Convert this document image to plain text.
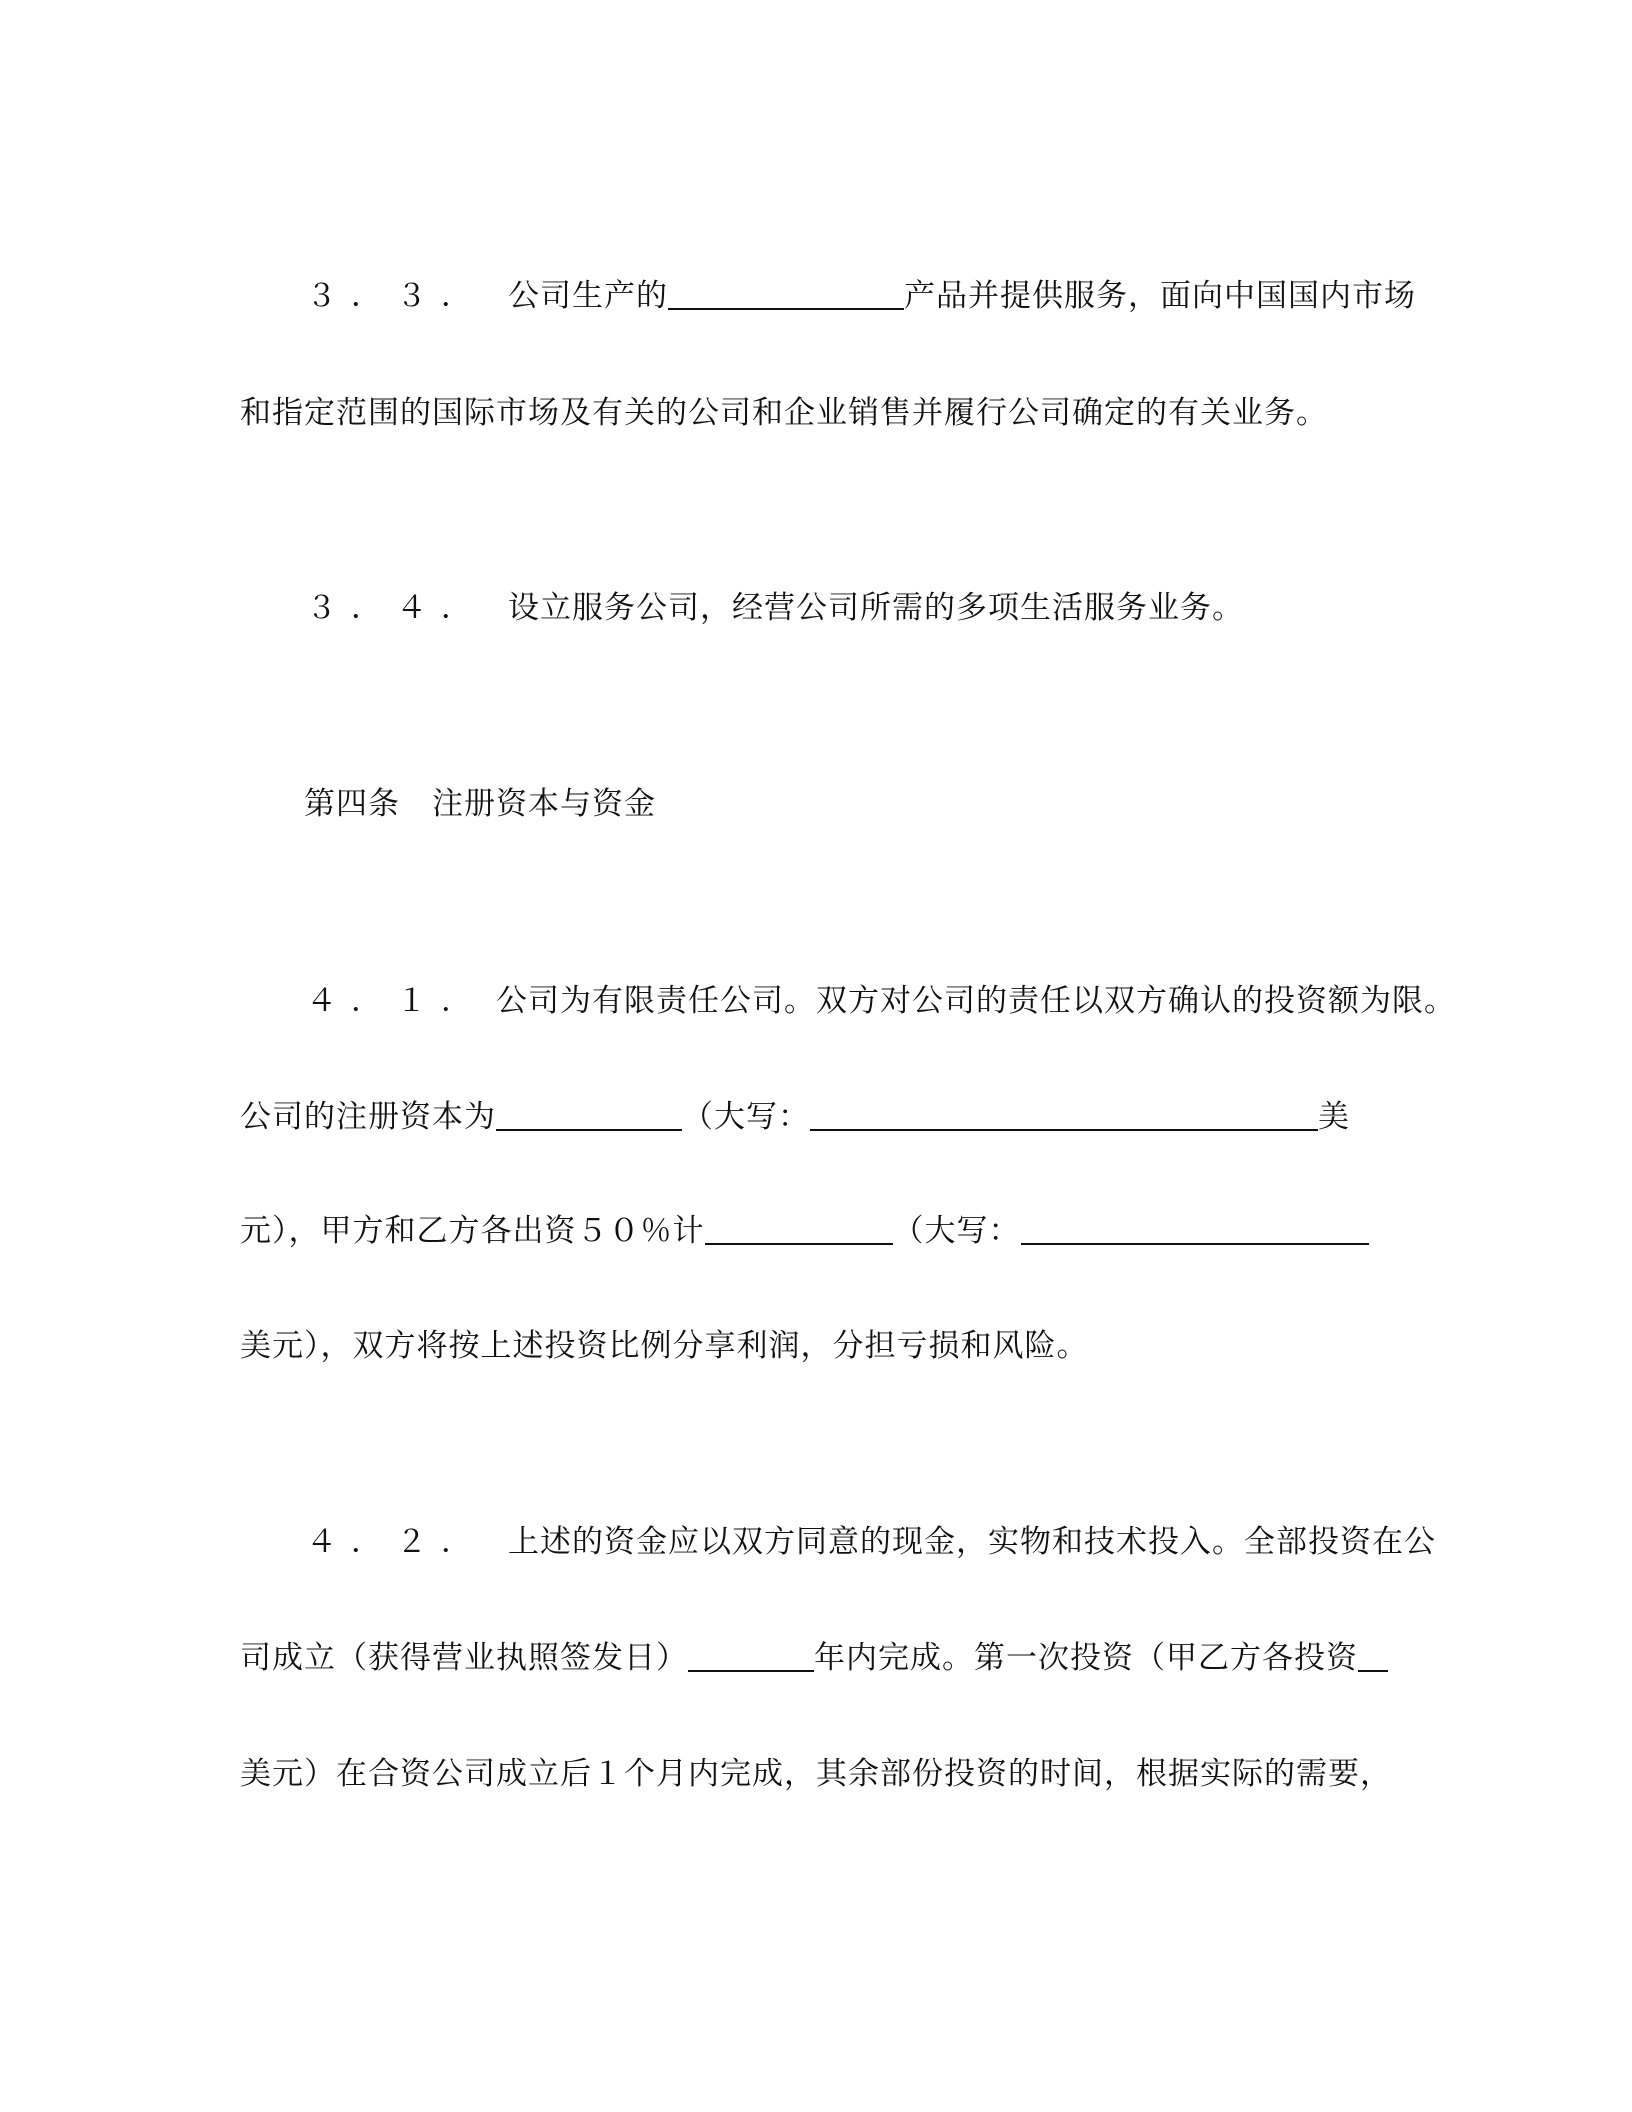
３．３． 公司生产的	产品并提供服务，面向中国国内市场
和指定范围的国际市场及有关的公司和企业销售并履行公司确定的有关业务。
３．４． 设立服务公司，经营公司所需的多项生活服务业务。
第四条 注册资本与资金
４．１． 公司为有限责任公司。双方对公司的责任以双方确认的投资额为限。
公司的注册资本为	（大写：	美
元），甲方和乙方各出资５０％计	（大写：
美元），双方将按上述投资比例分享利润，分担亏损和风险。
４．２． 上述的资金应以双方同意的现金，实物和技术投入。全部投资在公
司成立（获得营业执照签发日）	年内完成。第一次投资（甲乙方各投资
美元）在合资公司成立后１个月内完成，其余部份投资的时间，根据实际的需要，
